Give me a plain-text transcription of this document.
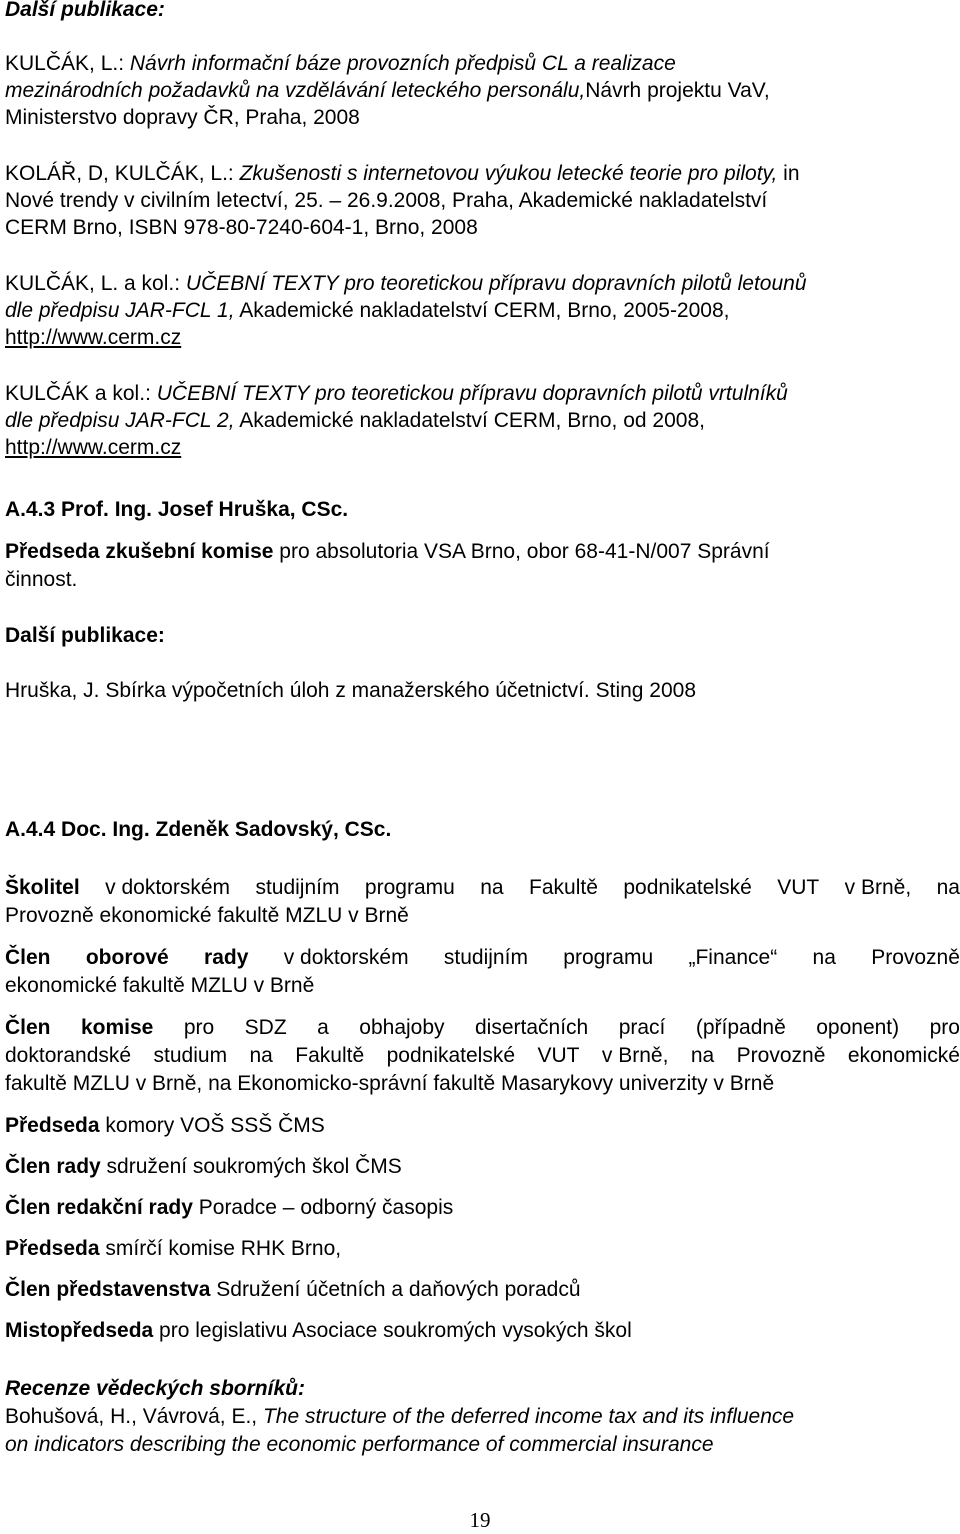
Další publikace:
KULČÁK, L.: Návrh informační báze provozních předpisů CL a realizace
mezinárodních požadavků na vzdělávání leteckého personálu,Návrh projektu VaV,
Ministerstvo dopravy ČR, Praha, 2008
KOLÁŘ, D, KULČÁK, L.: Zkušenosti s internetovou výukou letecké teorie pro piloty, in
Nové trendy v civilním letectví, 25. – 26.9.2008, Praha, Akademické nakladatelství
CERM Brno, ISBN 978-80-7240-604-1, Brno, 2008
KULČÁK, L. a kol.: UČEBNÍ TEXTY pro teoretickou přípravu dopravních pilotů letounů
dle předpisu JAR-FCL 1, Akademické nakladatelství CERM, Brno, 2005-2008,
http://www.cerm.cz
KULČÁK a kol.: UČEBNÍ TEXTY pro teoretickou přípravu dopravních pilotů vrtulníků
dle předpisu JAR-FCL 2, Akademické nakladatelství CERM, Brno, od 2008,
http://www.cerm.cz
A.4.3 Prof. Ing. Josef Hruška, CSc.
Předseda zkušební komise pro absolutoria VSA Brno, obor 68-41-N/007 Správní
činnost.
Další publikace:
Hruška, J. Sbírka výpočetních úloh z manažerského účetnictví. Sting 2008
A.4.4 Doc. Ing. Zdeněk Sadovský, CSc.
Školitel v doktorském studijním programu na Fakultě podnikatelské VUT v Brně, na
Provozně ekonomické fakultě MZLU v Brně
Člen oborové rady v doktorském studijním programu „Finance“ na Provozně
ekonomické fakultě MZLU v Brně
Člen komise pro SDZ a obhajoby disertačních prací (případně oponent) pro
doktorandské studium na Fakultě podnikatelské VUT v Brně, na Provozně ekonomické
fakultě MZLU v Brně, na Ekonomicko-správní fakultě Masarykovy univerzity v Brně
Předseda komory VOŠ SSŠ ČMS
Člen rady sdružení soukromých škol ČMS
Člen redakční rady Poradce – odborný časopis
Předseda smírčí komise RHK Brno,
Člen představenstva Sdružení účetních a daňových poradců
Mistopředseda pro legislativu Asociace soukromých vysokých škol
Recenze vědeckých sborníků:
Bohušová, H., Vávrová, E., The structure of the deferred income tax and its influence
on indicators describing the economic performance of commercial insurance
19
